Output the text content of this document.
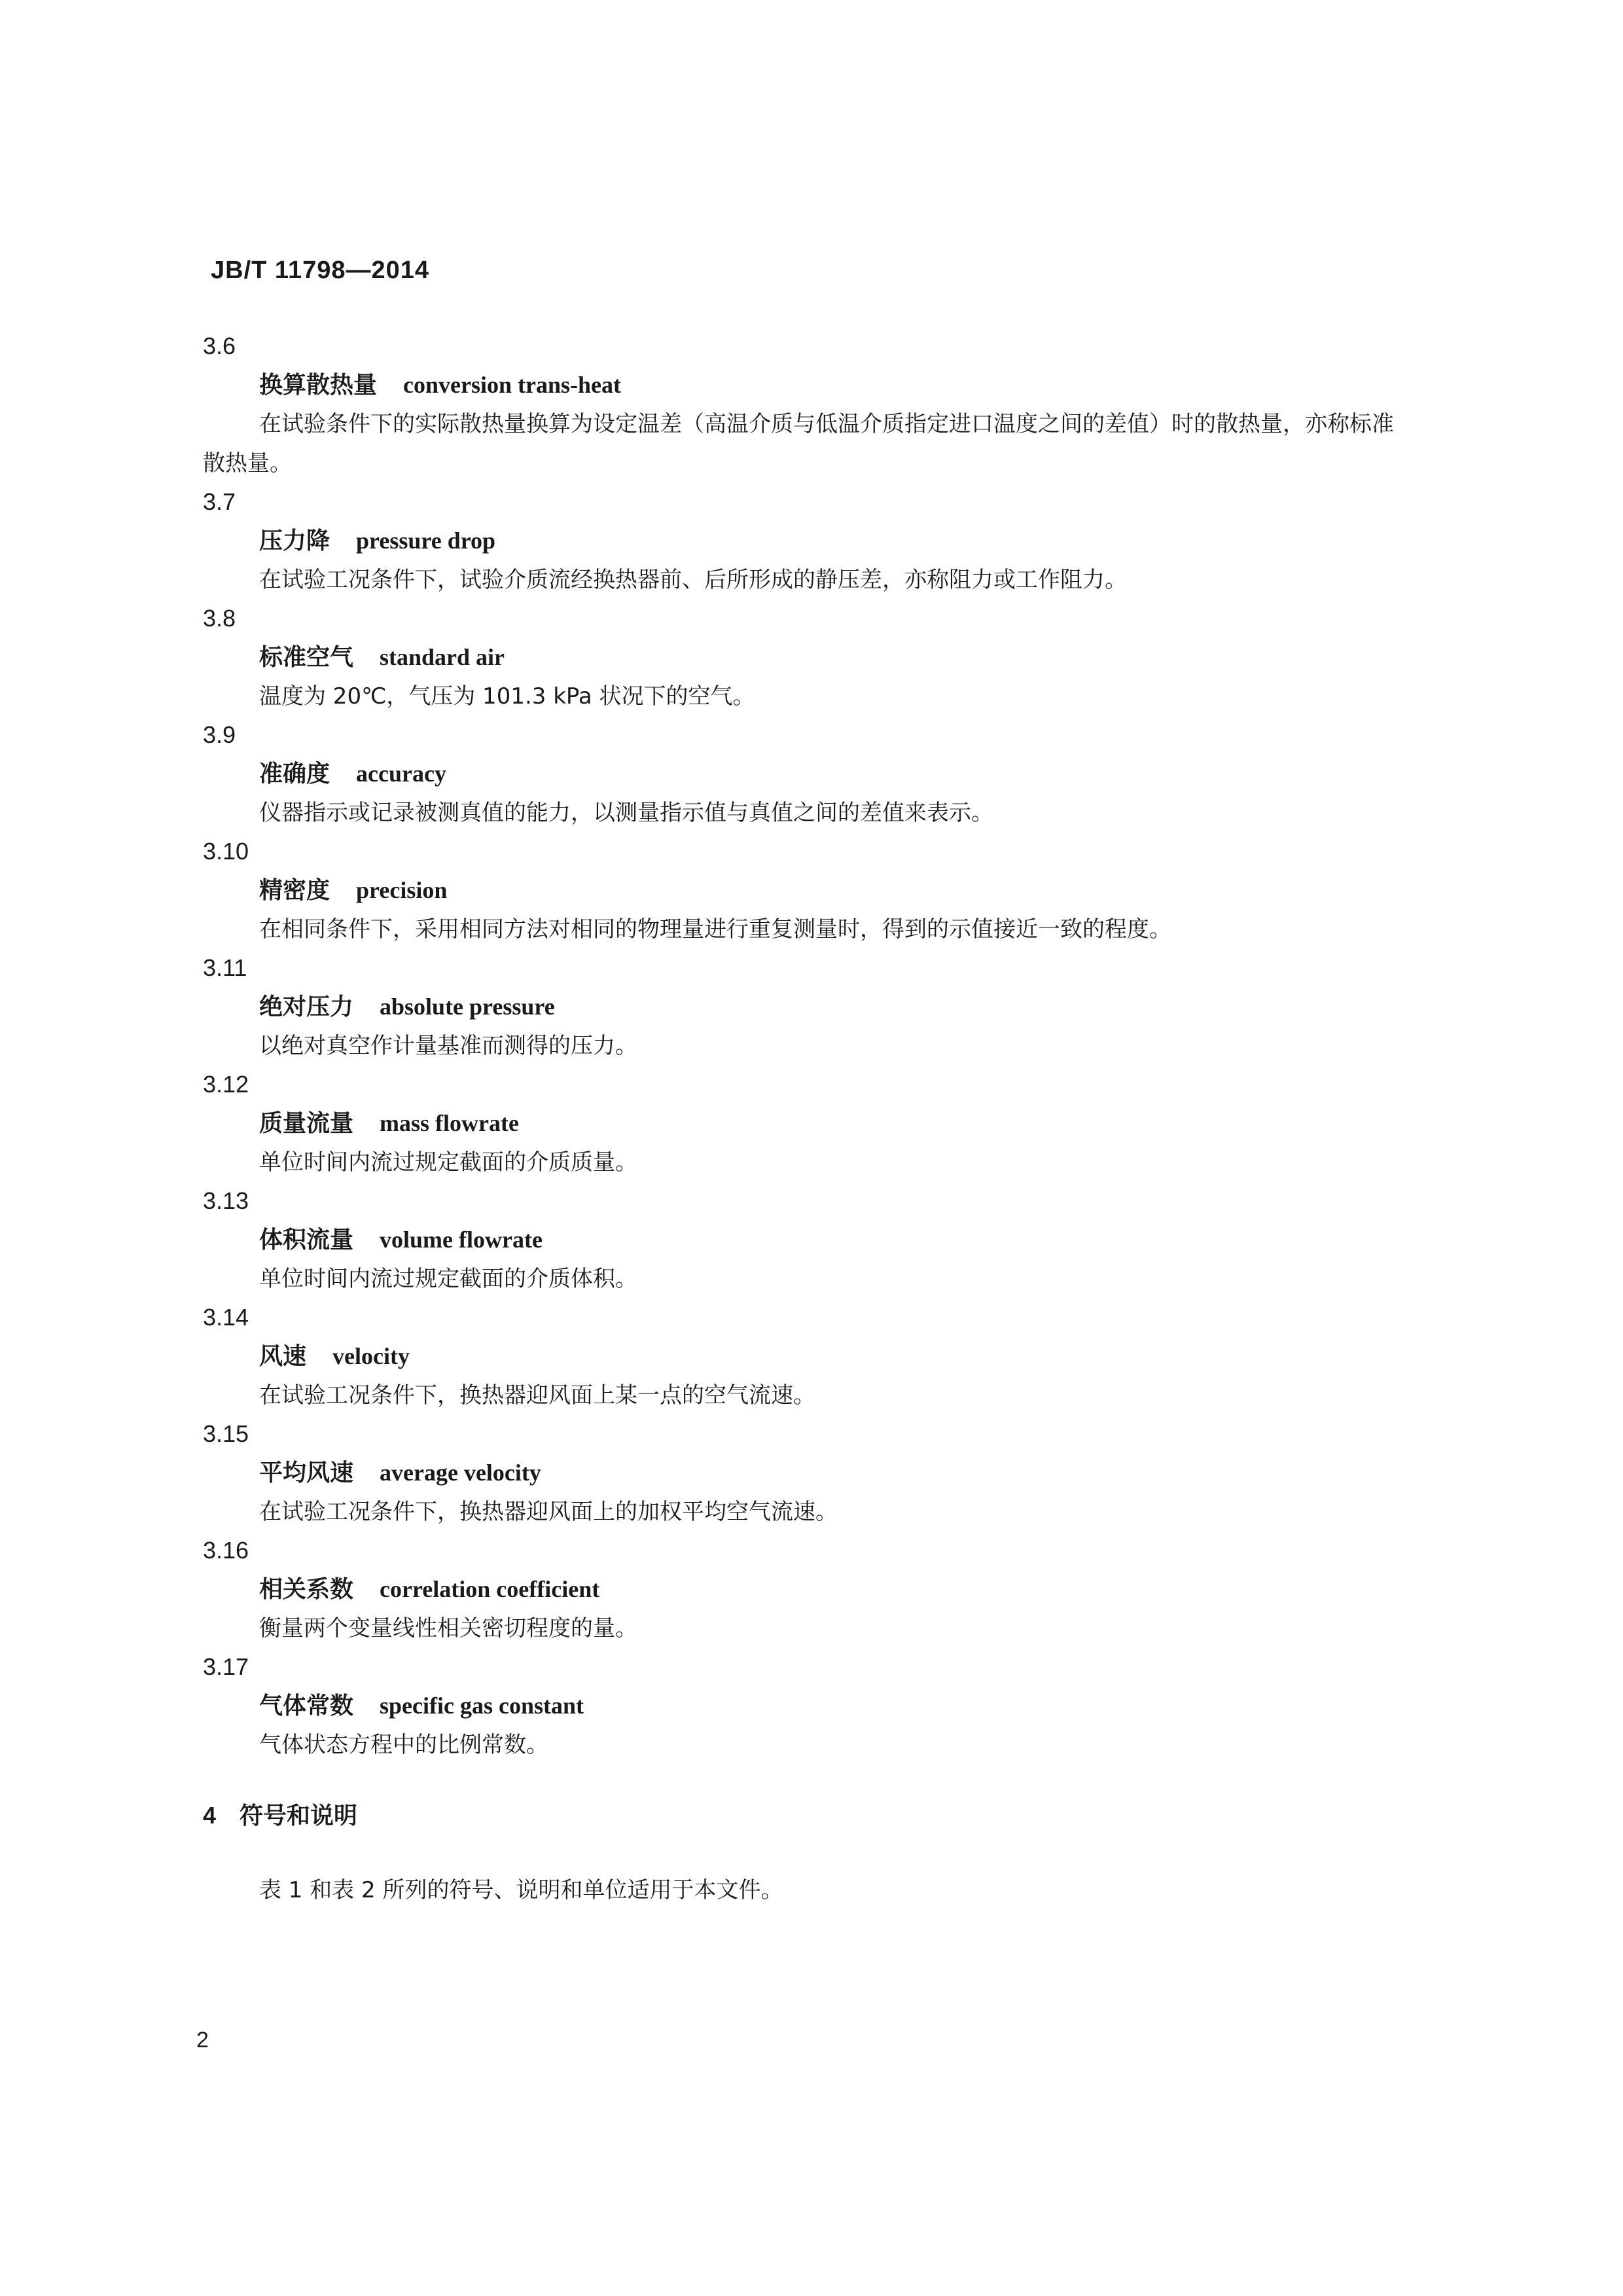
JB/T 11798—2014
3.6
换算散热量 conversion trans-heat
在试验条件下的实际散热量换算为设定温差（高温介质与低温介质指定进口温度之间的差值）时的散热量，亦称标准散热量。
3.7
压力降 pressure drop
在试验工况条件下，试验介质流经换热器前、后所形成的静压差，亦称阻力或工作阻力。
3.8
标准空气 standard air
温度为 20℃，气压为 101.3 kPa 状况下的空气。
3.9
准确度 accuracy
仪器指示或记录被测真值的能力，以测量指示值与真值之间的差值来表示。
3.10
精密度 precision
在相同条件下，采用相同方法对相同的物理量进行重复测量时，得到的示值接近一致的程度。
3.11
绝对压力 absolute pressure
以绝对真空作计量基准而测得的压力。
3.12
质量流量 mass flowrate
单位时间内流过规定截面的介质质量。
3.13
体积流量 volume flowrate
单位时间内流过规定截面的介质体积。
3.14
风速 velocity
在试验工况条件下，换热器迎风面上某一点的空气流速。
3.15
平均风速 average velocity
在试验工况条件下，换热器迎风面上的加权平均空气流速。
3.16
相关系数 correlation coefficient
衡量两个变量线性相关密切程度的量。
3.17
气体常数 specific gas constant
气体状态方程中的比例常数。
4 符号和说明
表 1 和表 2 所列的符号、说明和单位适用于本文件。
2
